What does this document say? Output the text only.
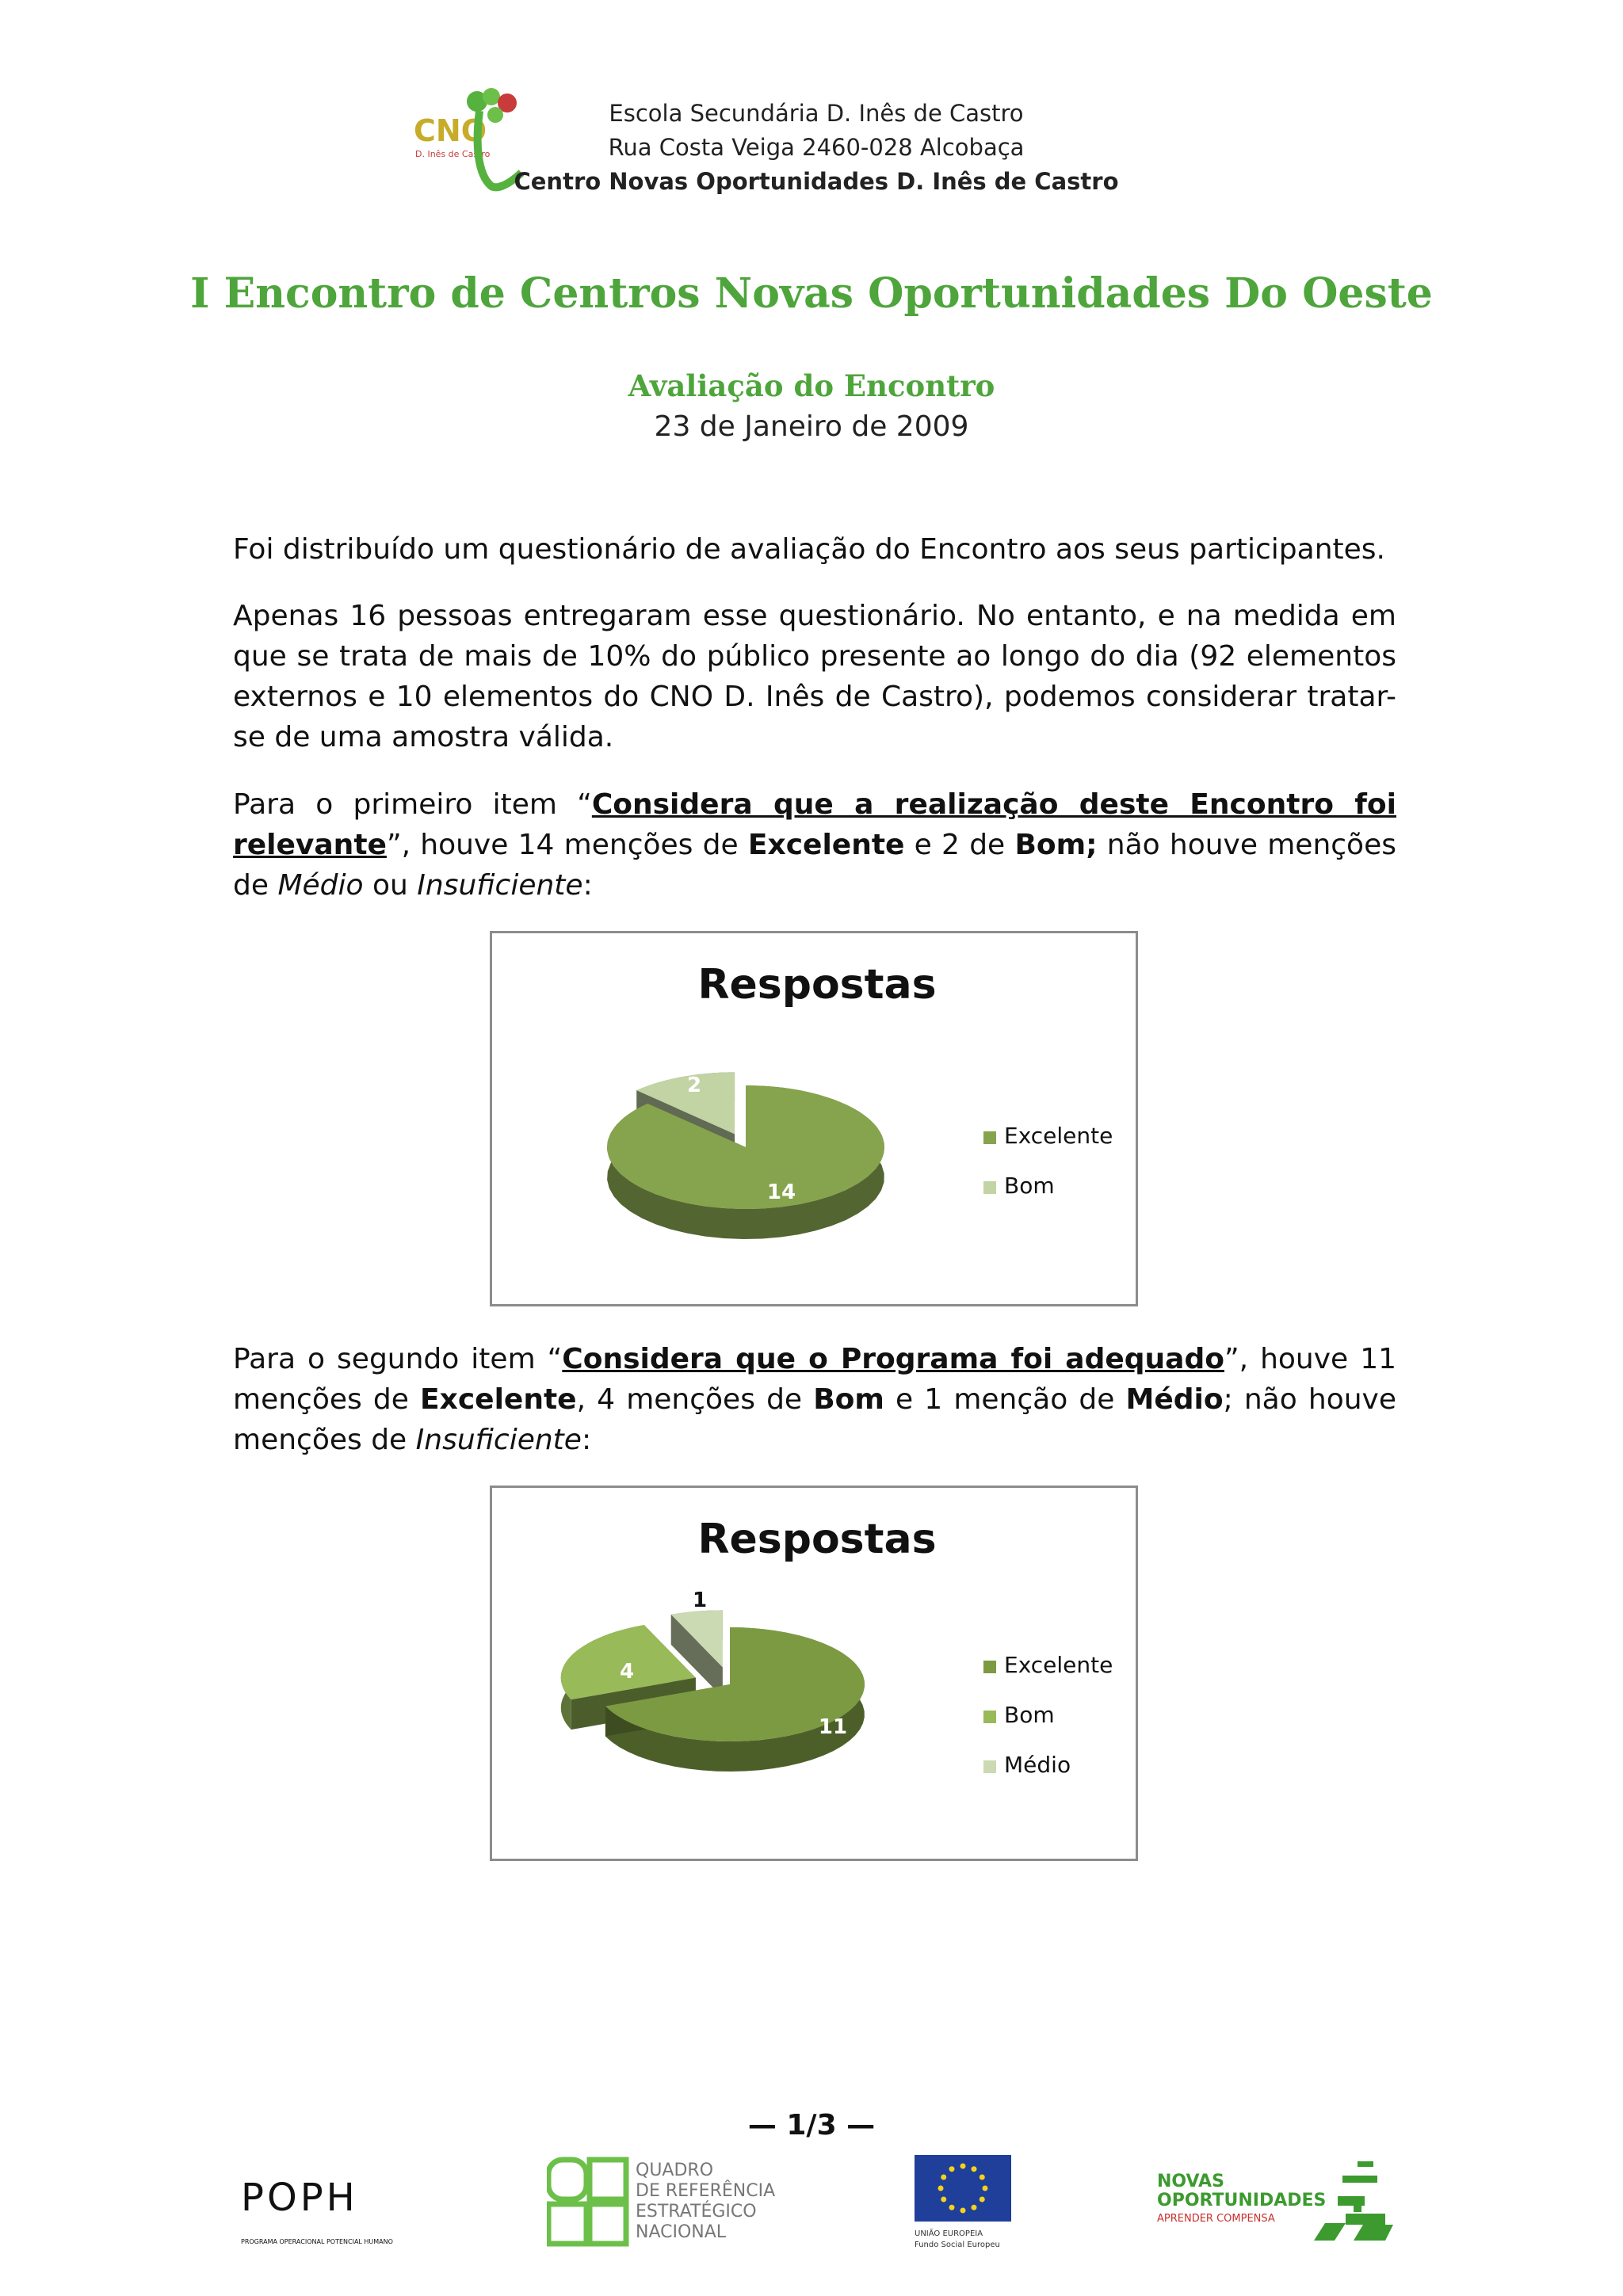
CNO
D. Inês de Castro
Escola Secundária D. Inês de Castro
Rua Costa Veiga 2460-028 Alcobaça
Centro Novas Oportunidades D. Inês de Castro
I Encontro de Centros Novas Oportunidades Do Oeste
Avaliação do Encontro
23 de Janeiro de 2009
Foi distribuído um questionário de avaliação do Encontro aos seus participantes.
Apenas 16 pessoas entregaram esse questionário. No entanto, e na medida em que se trata de mais de 10% do público presente ao longo do dia (92 elementos externos e 10 elementos do CNO D. Inês de Castro), podemos considerar tratar-se de uma amostra válida.
Para o primeiro item “Considera que a realização deste Encontro foi relevante”, houve 14 menções de Excelente e 2 de Bom; não houve menções de Médio ou Insuficiente:
Respostas
2
14
Excelente
Bom
Para o segundo item “Considera que o Programa foi adequado”, houve 11 menções de Excelente, 4 menções de Bom e 1 menção de Médio; não houve menções de Insuficiente:
Respostas
4
1
11
Excelente
Bom
Médio
— 1/3 —
POPH
PROGRAMA OPERACIONAL POTENCIAL HUMANO
QUADRO
DE REFERÊNCIA
ESTRATÉGICO
NACIONAL	UNIÃO EUROPEIA
Fundo Social Europeu
NOVAS
OPORTUNIDADES
APRENDER COMPENSA
